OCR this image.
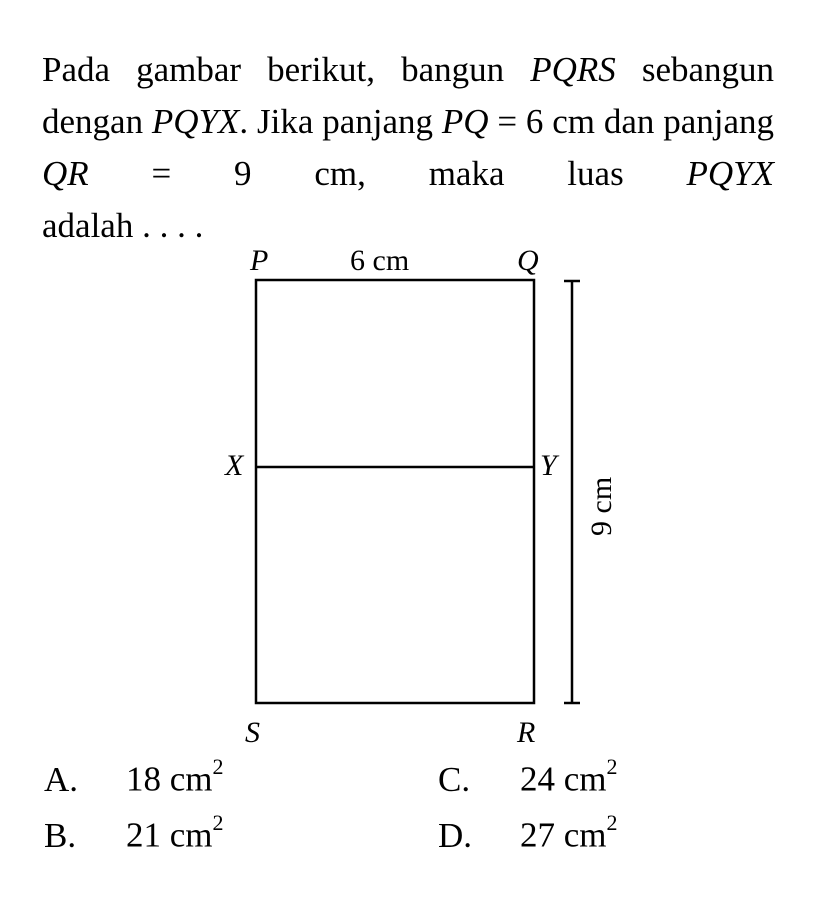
Pada gambar berikut, bangun PQRS sebangun dengan PQYX. Jika panjang PQ = 6 cm dan panjang QR = 9 cm, maka luas PQYX
adalah . . . .
P	6 cm	Q
X	Y
S	R
9 cm
A. 18 $cm^2$	C. 24 $cm^2$
B. 21 $cm^2$	D. 27 $cm^2$
